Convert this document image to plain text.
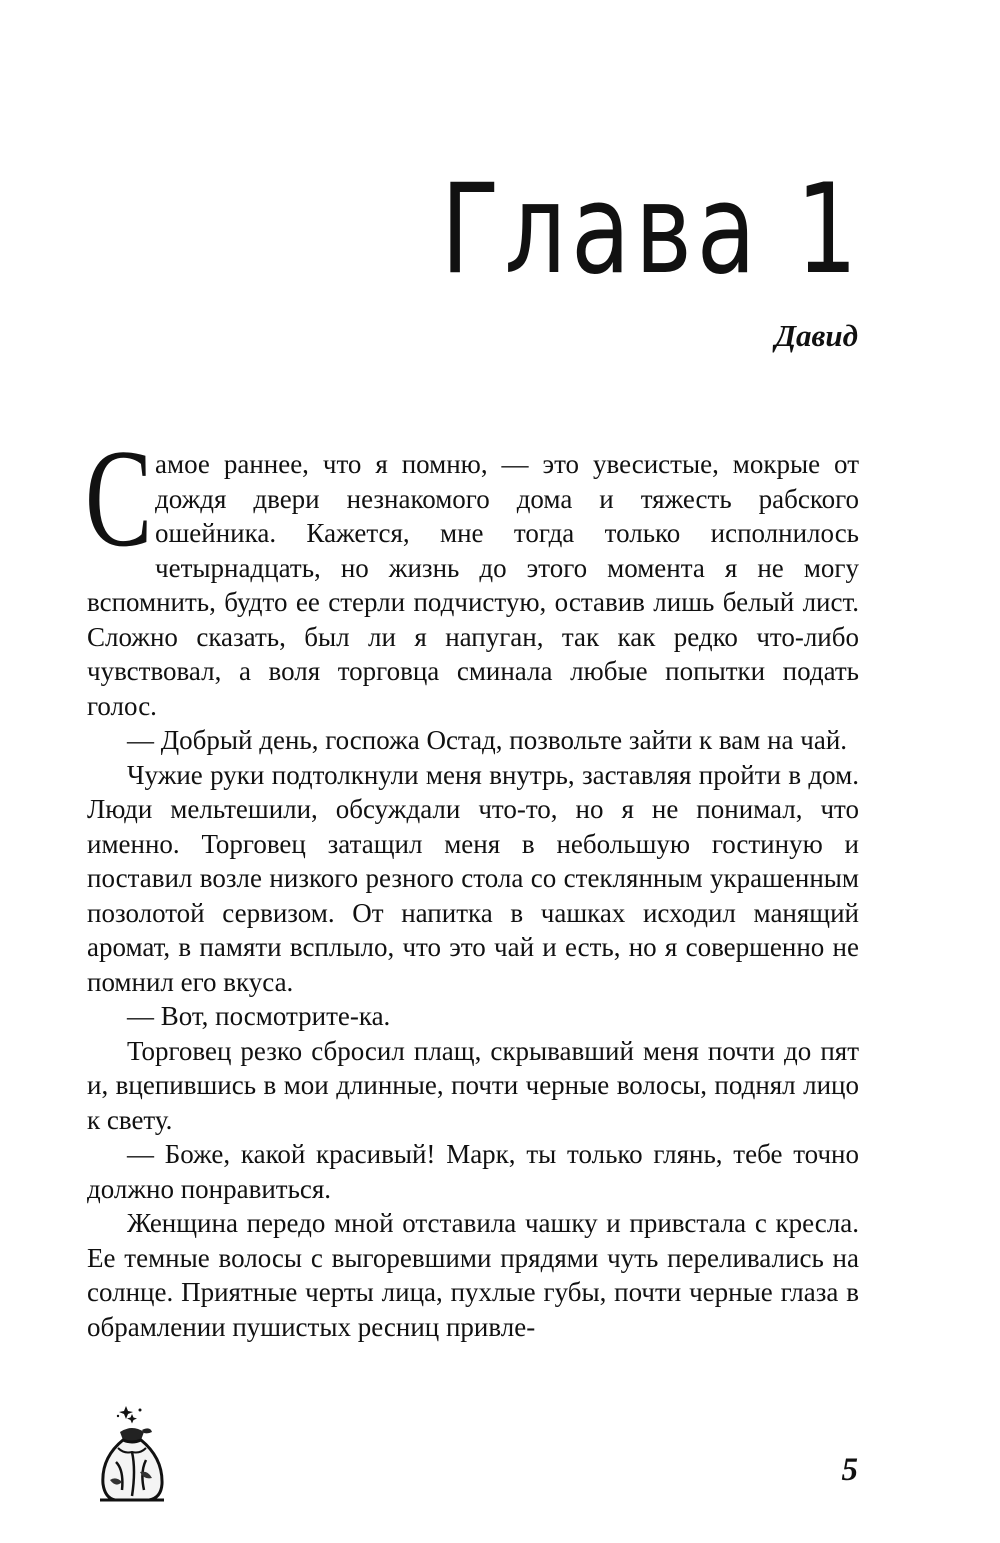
Глава 1
Давид

Самое раннее, что я помню, — это увесистые, мокрые от дождя двери незнакомого дома и тяжесть рабского ошейника. Кажется, мне тогда только исполнилось четырнадцать, но жизнь до этого момента я не могу вспомнить, будто ее стерли подчистую, оставив лишь белый лист. Сложно сказать, был ли я напуган, так как редко что-либо чувствовал, а воля торговца сминала любые попытки подать голос.

— Добрый день, госпожа Остад, позвольте зайти к вам на чай.

Чужие руки подтолкнули меня внутрь, заставляя пройти в дом. Люди мельтешили, обсуждали что-то, но я не понимал, что именно. Торговец затащил меня в небольшую гостиную и поставил возле низкого резного стола со стеклянным украшенным позолотой сервизом. От напитка в чашках исходил манящий аромат, в памяти всплыло, что это чай и есть, но я совершенно не помнил его вкуса.

— Вот, посмотрите-ка.

Торговец резко сбросил плащ, скрывавший меня почти до пят и, вцепившись в мои длинные, почти черные волосы, поднял лицо к свету.

— Боже, какой красивый! Марк, ты только глянь, тебе точно должно понравиться.

Женщина передо мной отставила чашку и привстала с кресла. Ее темные волосы с выгоревшими прядями чуть переливались на солнце. Приятные черты лица, пухлые губы, почти черные глаза в обрамлении пушистых ресниц привле-

5
